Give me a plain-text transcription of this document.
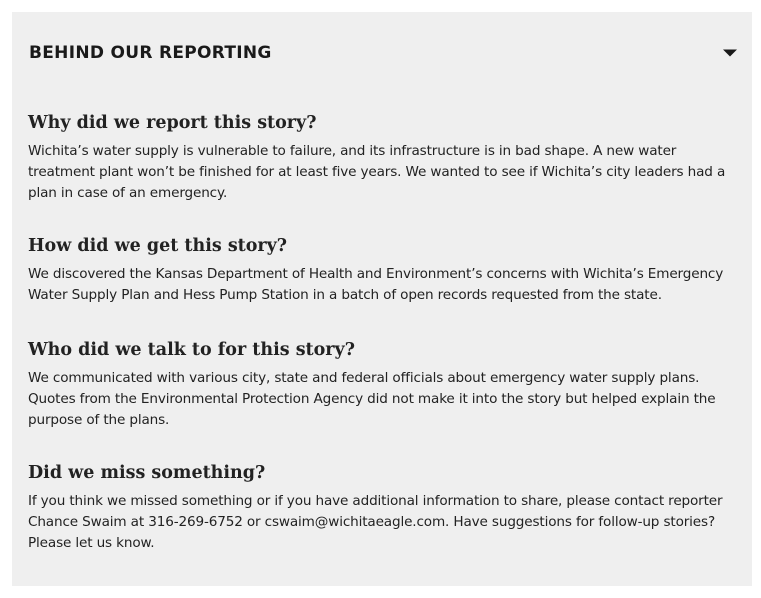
BEHIND OUR REPORTING
Why did we report this story?

Wichita’s water supply is vulnerable to failure, and its infrastructure is in bad shape. A new water treatment plant won’t be finished for at least five years. We wanted to see if Wichita’s city leaders had a plan in case of an emergency.

How did we get this story?

We discovered the Kansas Department of Health and Environment’s concerns with Wichita’s Emergency Water Supply Plan and Hess Pump Station in a batch of open records requested from the state.

Who did we talk to for this story?

We communicated with various city, state and federal officials about emergency water supply plans. Quotes from the Environmental Protection Agency did not make it into the story but helped explain the purpose of the plans.

Did we miss something?

If you think we missed something or if you have additional information to share, please contact reporter Chance Swaim at 316-269-6752 or cswaim@wichitaeagle.com. Have suggestions for follow-up stories? Please let us know.
